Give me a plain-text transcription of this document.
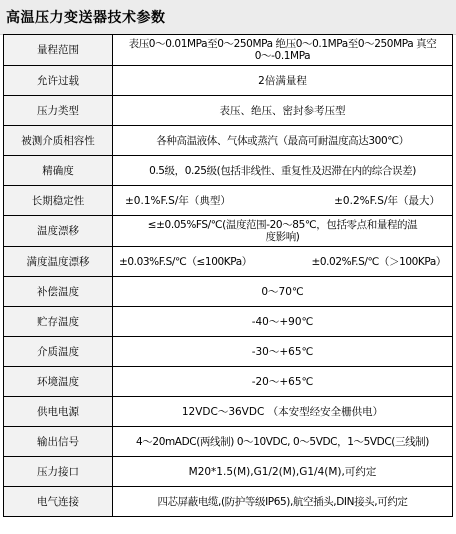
高温压力变送器技术参数
量程范围	表压0～0.01MPa至0～250MPa 绝压0～0.1MPa至0～250MPa 真空
0～-0.1MPa

允许过载	2倍满量程
压力类型	表压、绝压、密封参考压型
被测介质相容性	各种高温液体、气体或蒸汽（最高可耐温度高达300℃）
精确度	0.5级，0.25级(包括非线性、重复性及迟滞在内的综合误差)
长期稳定性	±0.1%F.S/年（典型） ±0.2%F.S/年（最大）

温度漂移	≤±0.05%FS/℃(温度范围-20～85℃，包括零点和量程的温
度影响)

满度温度漂移	±0.03%F.S/℃（≤100KPa） ±0.02%F.S/℃（＞100KPa）

补偿温度	0～70℃
贮存温度	-40～+90℃
介质温度	-30～+65℃
环境温度	-20～+65℃
供电电源	12VDC～36VDC （本安型经安全栅供电）
输出信号	4～20mADC(两线制) 0～10VDC, 0～5VDC，1～5VDC(三线制)
压力接口	M20*1.5(M),G1/2(M),G1/4(M),可约定
电气连接	四芯屏蔽电缆,(防护等级IP65),航空插头,DIN接头,可约定
